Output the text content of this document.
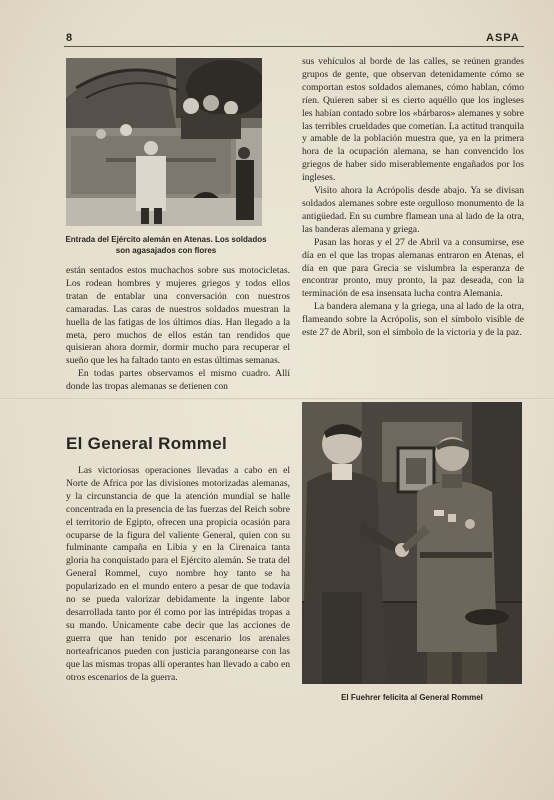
8	ASPA
Entrada del Ejército alemán en Atenas. Los soldados son agasajados con flores

sus vehículos al borde de las calles, se reúnen grandes grupos de gente, que observan detenidamente cómo se comportan estos soldados alemanes, cómo hablan, cómo ríen. Quieren saber si es cierto aquéllo que los ingleses les habían contado sobre los «bárbaros» alemanes y sobre las terribles crueldades que cometían. La actitud tranquila y amable de la población muestra que, ya en la primera hora de la ocupación alemana, se han convencido los griegos de haber sido miserablemente engañados por los ingleses.

Visito ahora la Acrópolis desde abajo. Ya se divisan soldados alemanes sobre este orgulloso monumento de la antigüedad. En su cumbre flamean una al lado de la otra, las banderas alemana y griega.

Pasan las horas y el 27 de Abril va a consumirse, ese día en el que las tropas alemanas entraron en Atenas, el día en que para Grecia se vislumbra la esperanza de encontrar pronto, muy pronto, la paz deseada, con la terminación de esa insensata lucha contra Alemania.

La bandera alemana y la griega, una al lado de la otra, flameando sobre la Acrópolis, son el símbolo visible de este 27 de Abril, son el símbolo de la victoria y de la paz.

están sentados estos muchachos sobre sus motocicletas. Los rodean hombres y mujeres griegos y todos ellos tratan de entablar una conversación con nuestros camaradas. Las caras de nuestros soldados muestran la huella de las fatigas de los últimos días. Han llegado a la meta, pero muchos de ellos están tan rendidos que quisieran ahora dormir, dormir mucho para recuperar el sueño que les ha faltado tanto en estas últimas semanas.

En todas partes observamos el mismo cuadro. Allí donde las tropas alemanas se detienen con

El General Rommel

Las victoriosas operaciones llevadas a cabo en el Norte de Africa por las divisiones motorizadas alemanas, y la circunstancia de que la atención mundial se halle concentrada en la presencia de las fuerzas del Reich sobre el territorio de Egipto, ofrecen una propicia ocasión para ocuparse de la figura del valiente General, quien con su fulminante campaña en Libia y en la Cirenaica tanta gloria ha conquistado para el Ejército alemán. Se trata del General Rommel, cuyo nombre hoy tanto se ha popularizado en el mundo entero a pesar de que todavía no se pueda valorizar debidamente la ingente labor desarrollada tanto por él como por las intrépidas tropas a su mando. Unicamente cabe decir que las acciones de guerra que han tenido por escenario los arenales norteafricanos pueden con justicia parangonearse con las que las mismas tropas allí operantes han llevado a cabo en otros escenarios de la guerra.

El Fuehrer felicita al General Rommel
